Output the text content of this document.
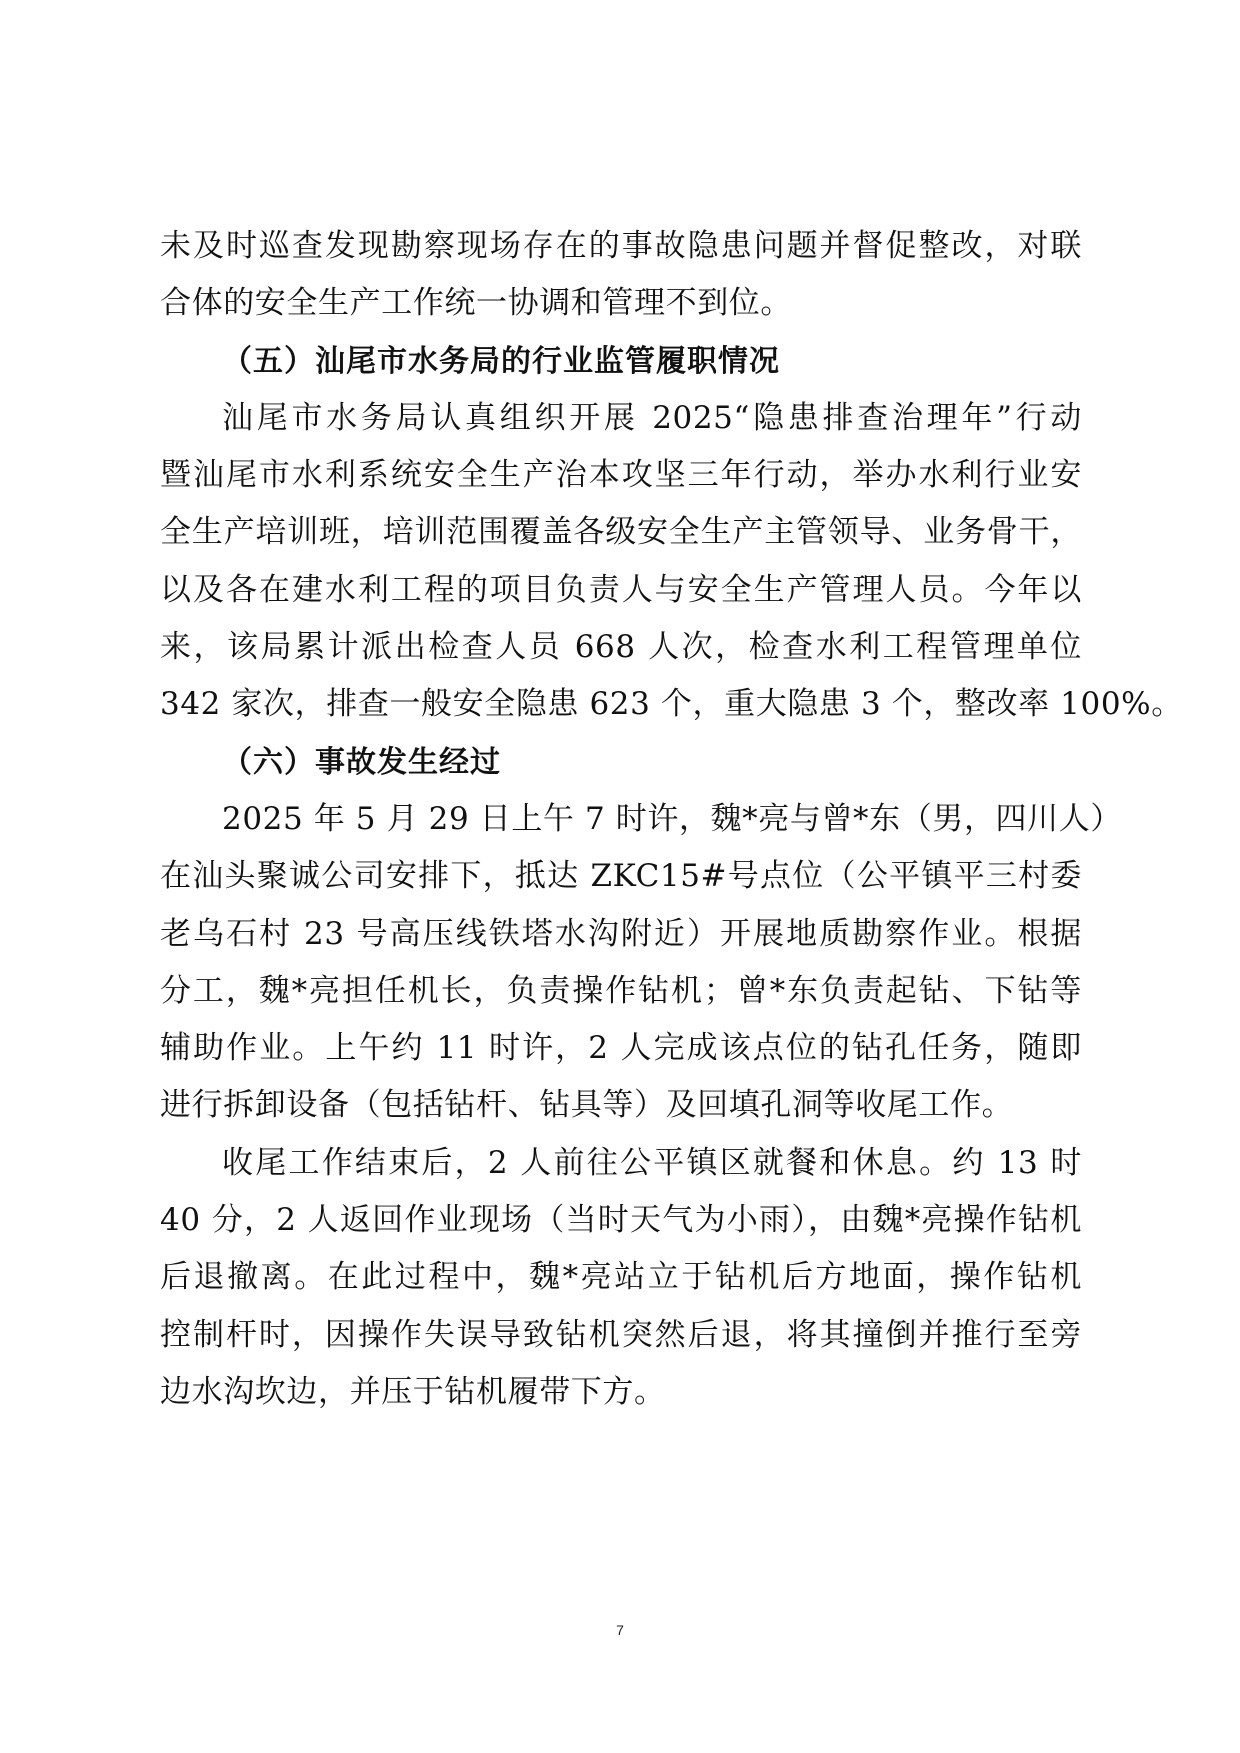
未及时巡查发现勘察现场存在的事故隐患问题并督促整改，对联
合体的安全生产工作统一协调和管理不到位。
（五）汕尾市水务局的行业监管履职情况
汕尾市水务局认真组织开展 2025“隐患排查治理年”行动
暨汕尾市水利系统安全生产治本攻坚三年行动，举办水利行业安
全生产培训班，培训范围覆盖各级安全生产主管领导、业务骨干，
以及各在建水利工程的项目负责人与安全生产管理人员。今年以
来，该局累计派出检查人员 668 人次，检查水利工程管理单位
342 家次，排查一般安全隐患 623 个，重大隐患 3 个，整改率 100%。
（六）事故发生经过
2025 年 5 月 29 日上午 7 时许，魏*亮与曾*东（男，四川人）
在汕头聚诚公司安排下，抵达 ZKC15#号点位（公平镇平三村委
老乌石村 23 号高压线铁塔水沟附近）开展地质勘察作业。根据
分工，魏*亮担任机长，负责操作钻机；曾*东负责起钻、下钻等
辅助作业。上午约 11 时许，2 人完成该点位的钻孔任务，随即
进行拆卸设备（包括钻杆、钻具等）及回填孔洞等收尾工作。
收尾工作结束后，2 人前往公平镇区就餐和休息。约 13 时
40 分，2 人返回作业现场（当时天气为小雨），由魏*亮操作钻机
后退撤离。在此过程中，魏*亮站立于钻机后方地面，操作钻机
控制杆时，因操作失误导致钻机突然后退，将其撞倒并推行至旁
边水沟坎边，并压于钻机履带下方。
7
